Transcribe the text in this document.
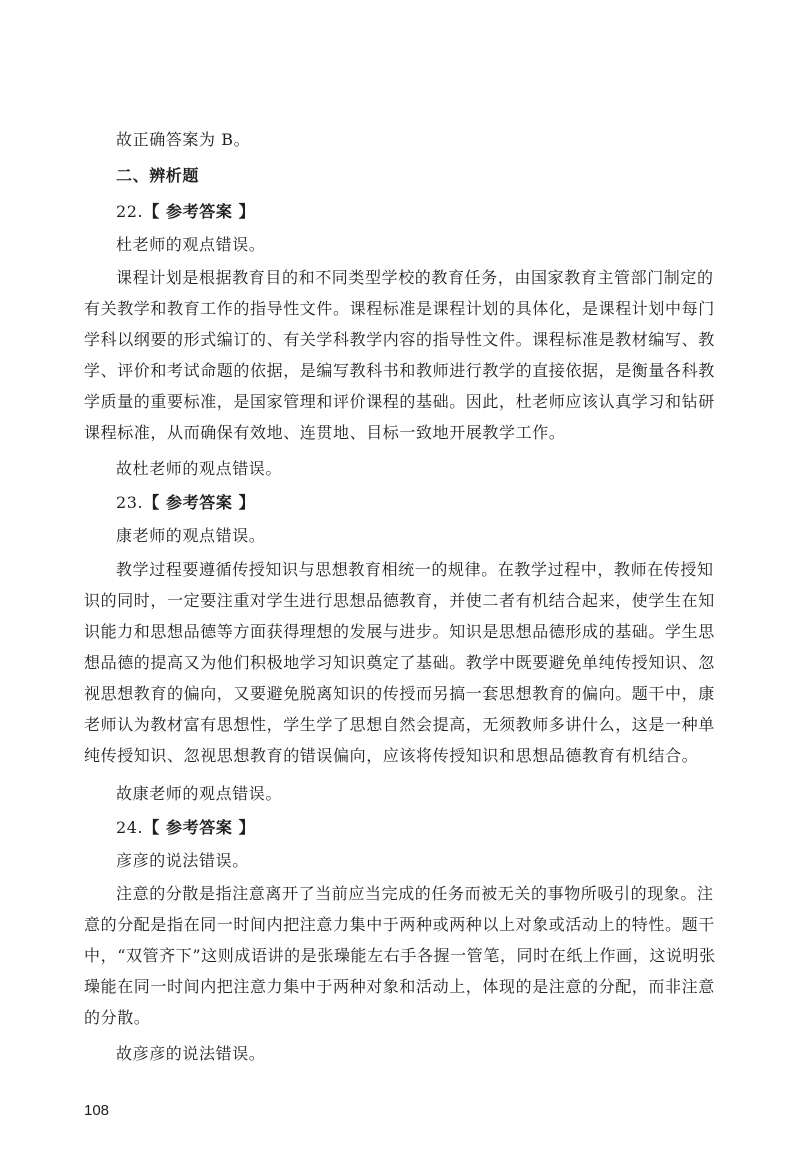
故正确答案为 B。
二、辨析题
22.【 参考答案 】
杜老师的观点错误。
课程计划是根据教育目的和不同类型学校的教育任务，由国家教育主管部门制定的
有关教学和教育工作的指导性文件。课程标准是课程计划的具体化，是课程计划中每门
学科以纲要的形式编订的、有关学科教学内容的指导性文件。课程标准是教材编写、教
学、评价和考试命题的依据，是编写教科书和教师进行教学的直接依据，是衡量各科教
学质量的重要标准，是国家管理和评价课程的基础。因此，杜老师应该认真学习和钻研
课程标准，从而确保有效地、连贯地、目标一致地开展教学工作。
故杜老师的观点错误。
23.【 参考答案 】
康老师的观点错误。
教学过程要遵循传授知识与思想教育相统一的规律。在教学过程中，教师在传授知
识的同时，一定要注重对学生进行思想品德教育，并使二者有机结合起来，使学生在知
识能力和思想品德等方面获得理想的发展与进步。知识是思想品德形成的基础。学生思
想品德的提高又为他们积极地学习知识奠定了基础。教学中既要避免单纯传授知识、忽
视思想教育的偏向，又要避免脱离知识的传授而另搞一套思想教育的偏向。题干中，康
老师认为教材富有思想性，学生学了思想自然会提高，无须教师多讲什么，这是一种单
纯传授知识、忽视思想教育的错误偏向，应该将传授知识和思想品德教育有机结合。
故康老师的观点错误。
24.【 参考答案 】
彦彦的说法错误。
注意的分散是指注意离开了当前应当完成的任务而被无关的事物所吸引的现象。注
意的分配是指在同一时间内把注意力集中于两种或两种以上对象或活动上的特性。题干
中，“双管齐下”这则成语讲的是张璪能左右手各握一管笔，同时在纸上作画，这说明张
璪能在同一时间内把注意力集中于两种对象和活动上，体现的是注意的分配，而非注意
的分散。
故彦彦的说法错误。
108
